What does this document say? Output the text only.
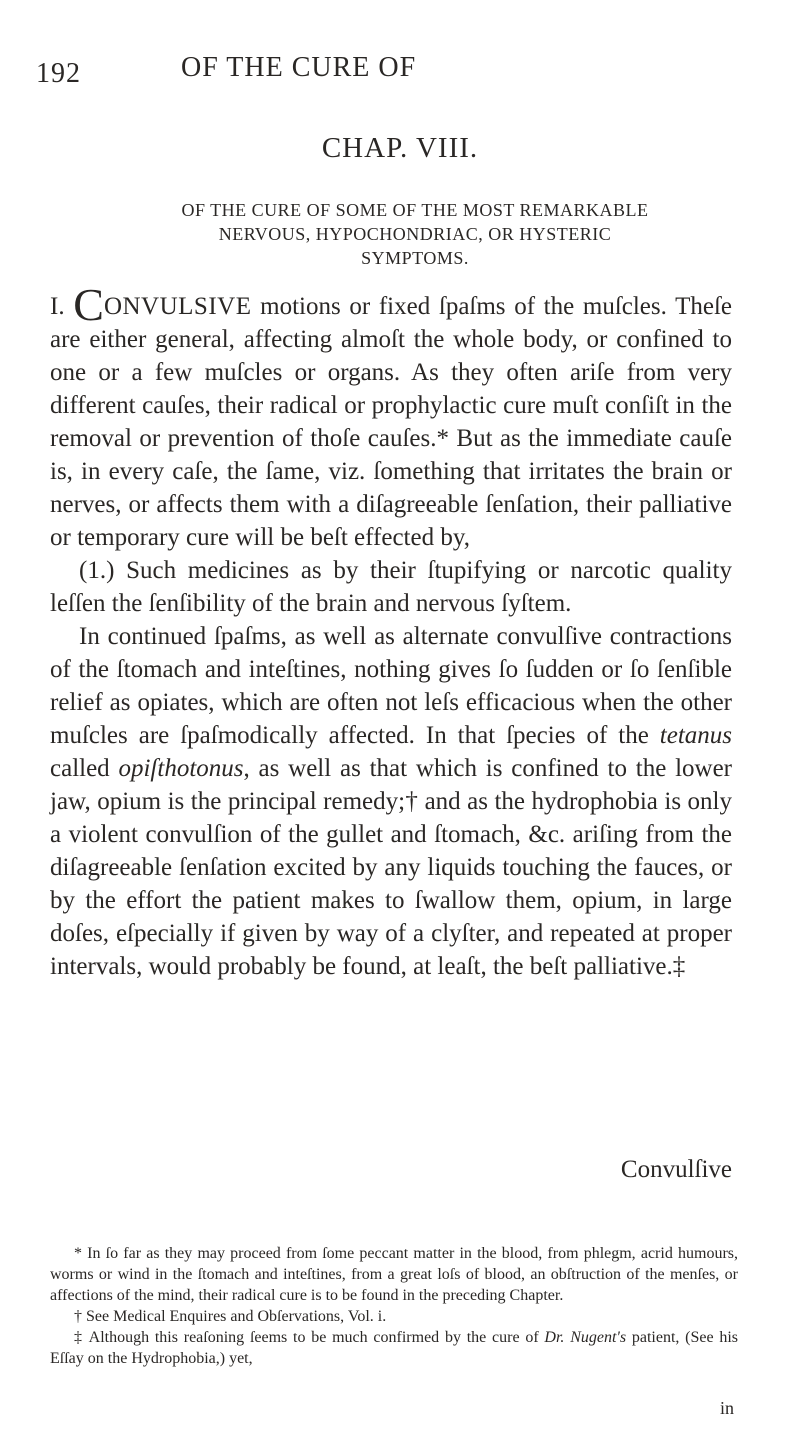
192	OF THE CURE OF
CHAP. VIII.
OF THE CURE OF SOME OF THE MOST REMARKABLE
NERVOUS, HYPOCHONDRIAC, OR HYSTERIC
SYMPTOMS.

I. CONVULSIVE motions or fixed ſpaſms of the muſcles. Theſe are either general, affecting almoſt the whole body, or confined to one or a few muſcles or organs. As they often ariſe from very different cauſes, their radical or prophylactic cure muſt conſiſt in the removal or prevention of thoſe cauſes.* But as the immediate cauſe is, in every caſe, the ſame, viz. ſomething that irritates the brain or nerves, or affects them with a diſagreeable ſenſation, their palliative or temporary cure will be beſt effected by,

(1.) Such medicines as by their ſtupifying or narcotic quality leſſen the ſenſibility of the brain and nervous ſyſtem.

In continued ſpaſms, as well as alternate convulſive contractions of the ſtomach and inteſtines, nothing gives ſo ſudden or ſo ſenſible relief as opiates, which are often not leſs efficacious when the other muſcles are ſpaſmodically affected. In that ſpecies of the tetanus called opiſthotonus, as well as that which is confined to the lower jaw, opium is the principal remedy;† and as the hydrophobia is only a violent convulſion of the gullet and ſtomach, &c. ariſing from the diſagreeable ſenſation excited by any liquids touching the fauces, or by the effort the patient makes to ſwallow them, opium, in large doſes, eſpecially if given by way of a clyſter, and repeated at proper intervals, would probably be found, at leaſt, the beſt palliative.‡

Convulſive

* In ſo far as they may proceed from ſome peccant matter in the blood, from phlegm, acrid humours, worms or wind in the ſtomach and inteſtines, from a great loſs of blood, an obſtruction of the menſes, or affections of the mind, their radical cure is to be found in the preceding Chapter.

† See Medical Enquires and Obſervations, Vol. i.

‡ Although this reaſoning ſeems to be much confirmed by the cure of Dr. Nugent's patient, (See his Eſſay on the Hydrophobia,) yet,

in
